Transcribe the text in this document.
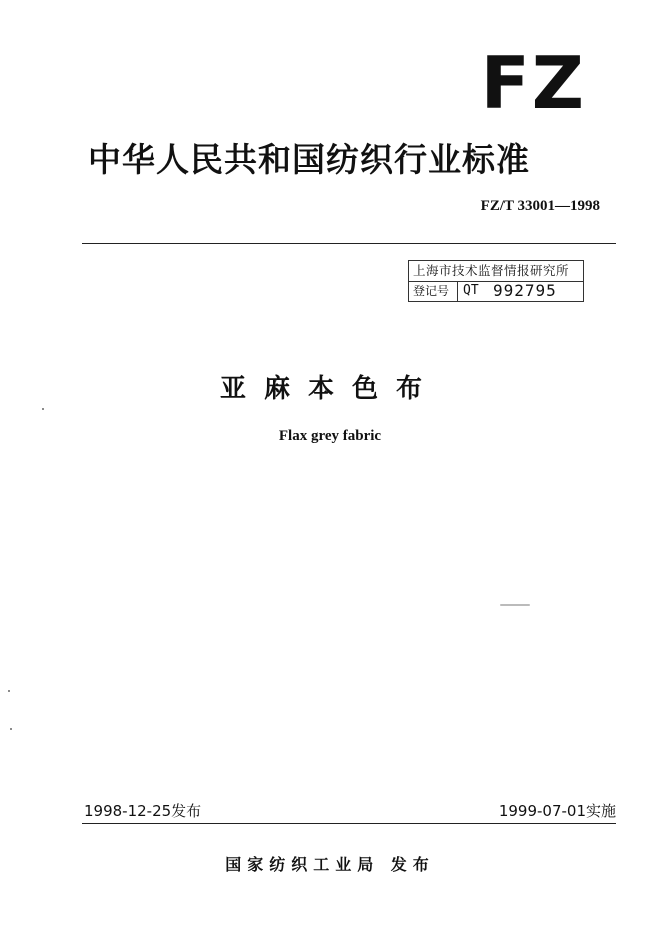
FZ
中华人民共和国纺织行业标准
FZ/T 33001—1998
上海市技术监督情报研究所
登记号	QT 992795
亚麻本色布
Flax grey fabric
1998-12-25发布	1999-07-01实施
国家纺织工业局 发布
